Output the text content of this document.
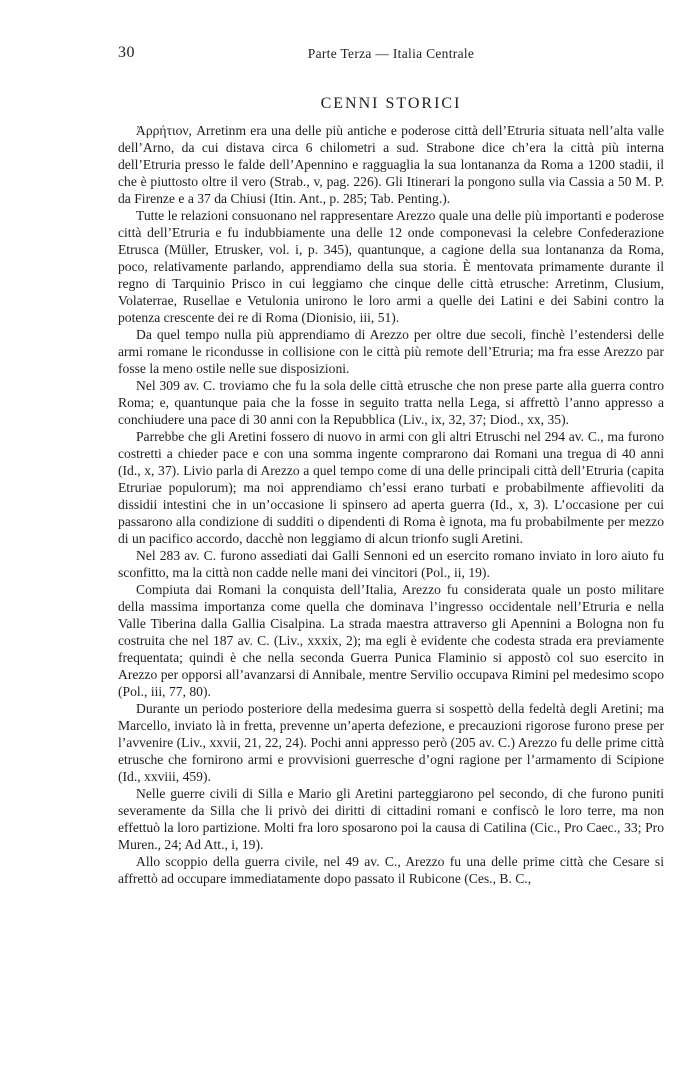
30	Parte Terza — Italia Centrale
CENNI STORICI

Ἀρρήτιον, Arretinm era una delle più antiche e poderose città dell’Etruria situata nell’alta valle dell’Arno, da cui distava circa 6 chilometri a sud. Strabone dice ch’era la città più interna dell’Etruria presso le falde dell’Apennino e ragguaglia la sua lontananza da Roma a 1200 stadii, il che è piuttosto oltre il vero (Strab., v, pag. 226). Gli Itinerari la pongono sulla via Cassia a 50 M. P. da Firenze e a 37 da Chiusi (Itin. Ant., p. 285; Tab. Penting.).

Tutte le relazioni consuonano nel rappresentare Arezzo quale una delle più importanti e poderose città dell’Etruria e fu indubbiamente una delle 12 onde componevasi la celebre Confederazione Etrusca (Müller, Etrusker, vol. i, p. 345), quantunque, a cagione della sua lontananza da Roma, poco, relativamente parlando, apprendiamo della sua storia. È mentovata primamente durante il regno di Tarquinio Prisco in cui leggiamo che cinque delle città etrusche: Arretinm, Clusium, Volaterrae, Rusellae e Vetulonia unirono le loro armi a quelle dei Latini e dei Sabini contro la potenza crescente dei re di Roma (Dionisio, iii, 51).

Da quel tempo nulla più apprendiamo di Arezzo per oltre due secoli, finchè l’estendersi delle armi romane le ricondusse in collisione con le città più remote dell’Etruria; ma fra esse Arezzo par fosse la meno ostile nelle sue disposizioni.

Nel 309 av. C. troviamo che fu la sola delle città etrusche che non prese parte alla guerra contro Roma; e, quantunque paia che la fosse in seguito tratta nella Lega, si affrettò l’anno appresso a conchiudere una pace di 30 anni con la Repubblica (Liv., ix, 32, 37; Diod., xx, 35).

Parrebbe che gli Aretini fossero di nuovo in armi con gli altri Etruschi nel 294 av. C., ma furono costretti a chieder pace e con una somma ingente comprarono dai Romani una tregua di 40 anni (Id., x, 37). Livio parla di Arezzo a quel tempo come di una delle principali città dell’Etruria (capita Etruriae populorum); ma noi apprendiamo ch’essi erano turbati e probabilmente affievoliti da dissidii intestini che in un’occasione li spinsero ad aperta guerra (Id., x, 3). L’occasione per cui passarono alla condizione di sudditi o dipendenti di Roma è ignota, ma fu probabilmente per mezzo di un pacifico accordo, dacchè non leggiamo di alcun trionfo sugli Aretini.

Nel 283 av. C. furono assediati dai Galli Sennoni ed un esercito romano inviato in loro aiuto fu sconfitto, ma la città non cadde nelle mani dei vincitori (Pol., ii, 19).

Compiuta dai Romani la conquista dell’Italia, Arezzo fu considerata quale un posto militare della massima importanza come quella che dominava l’ingresso occidentale nell’Etruria e nella Valle Tiberina dalla Gallia Cisalpina. La strada maestra attraverso gli Apennini a Bologna non fu costruita che nel 187 av. C. (Liv., xxxix, 2); ma egli è evidente che codesta strada era previamente frequentata; quindi è che nella seconda Guerra Punica Flaminio si appostò col suo esercito in Arezzo per opporsi all’avanzarsi di Annibale, mentre Servilio occupava Rimini pel medesimo scopo (Pol., iii, 77, 80).

Durante un periodo posteriore della medesima guerra si sospettò della fedeltà degli Aretini; ma Marcello, inviato là in fretta, prevenne un’aperta defezione, e precauzioni rigorose furono prese per l’avvenire (Liv., xxvii, 21, 22, 24). Pochi anni appresso però (205 av. C.) Arezzo fu delle prime città etrusche che fornirono armi e provvisioni guerresche d’ogni ragione per l’armamento di Scipione (Id., xxviii, 459).

Nelle guerre civili di Silla e Mario gli Aretini parteggiarono pel secondo, di che furono puniti severamente da Silla che li privò dei diritti di cittadini romani e confiscò le loro terre, ma non effettuò la loro partizione. Molti fra loro sposarono poi la causa di Catilina (Cic., Pro Caec., 33; Pro Muren., 24; Ad Att., i, 19).

Allo scoppio della guerra civile, nel 49 av. C., Arezzo fu una delle prime città che Cesare si affrettò ad occupare immediatamente dopo passato il Rubicone (Ces., B. C.,
